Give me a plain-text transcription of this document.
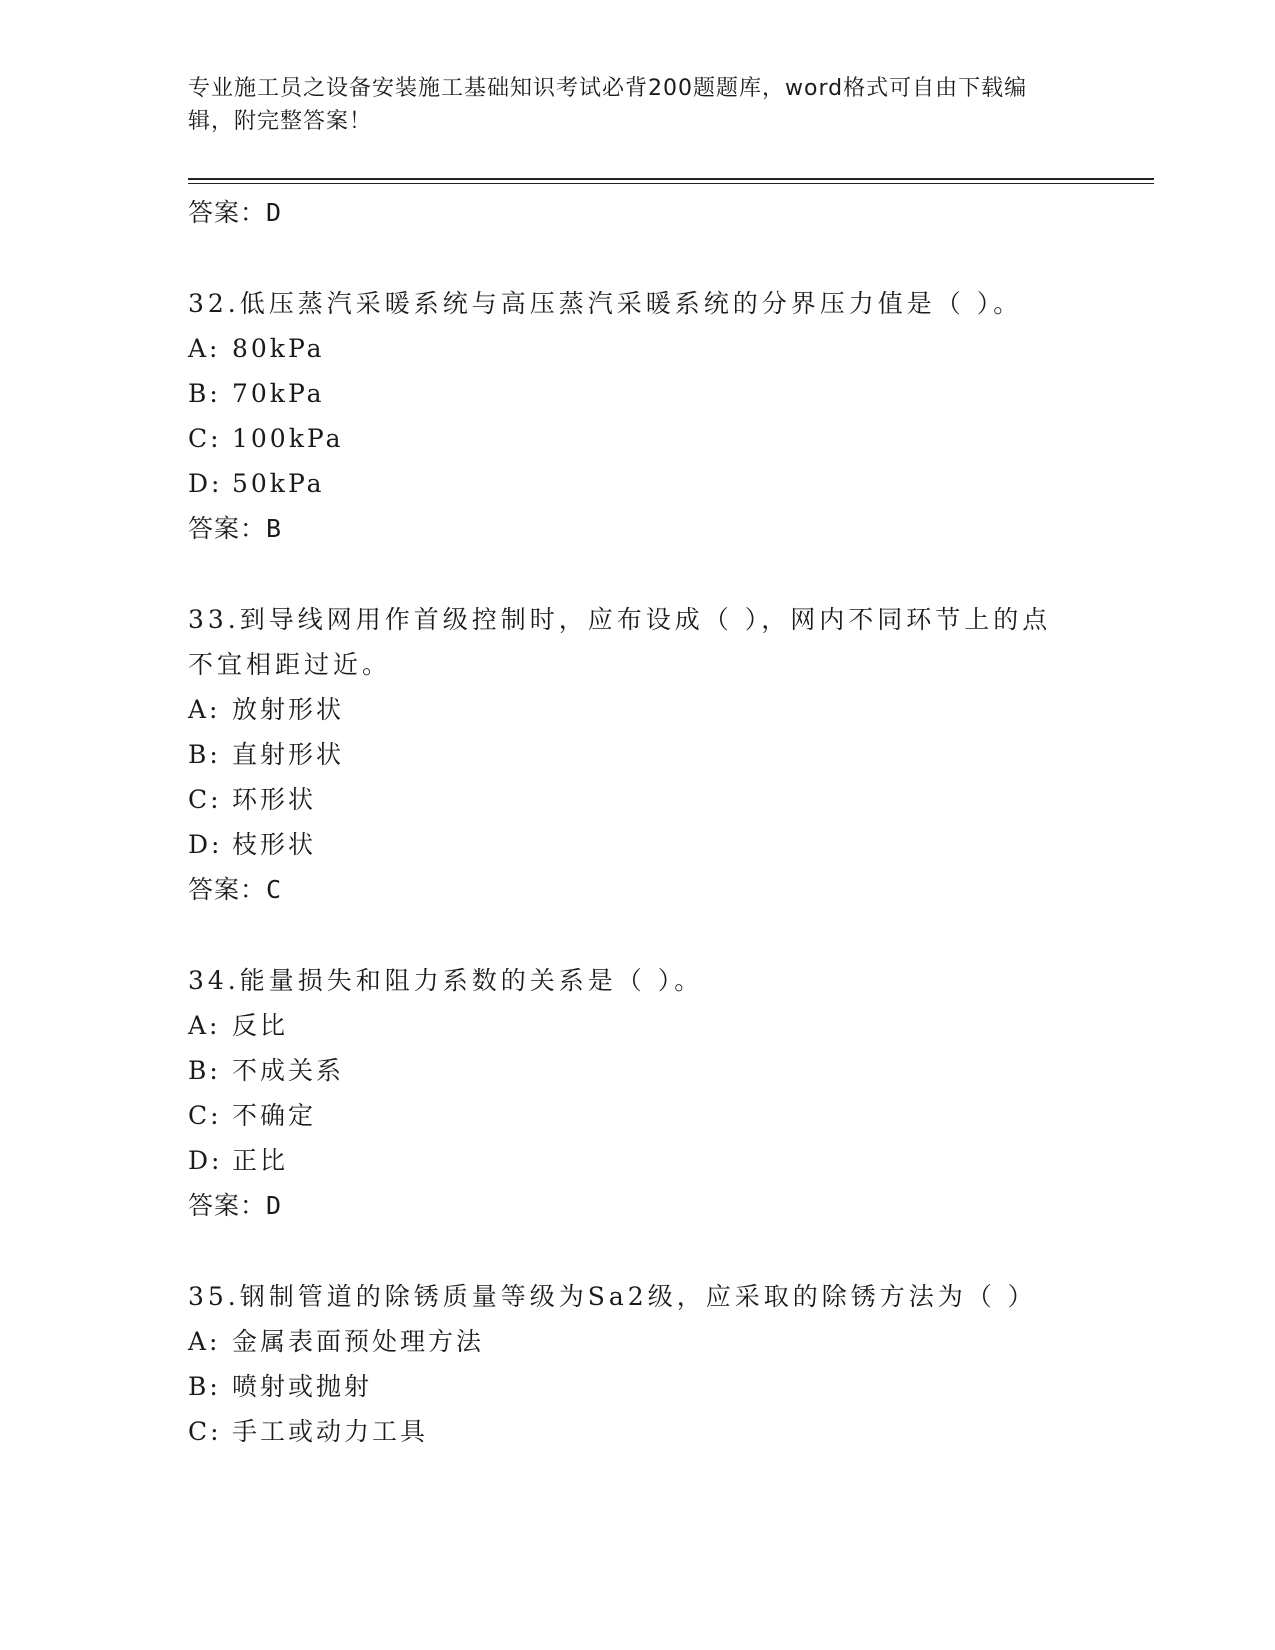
专业施工员之设备安装施工基础知识考试必背200题题库，word格式可自由下载编辑，附完整答案！
答案：D
32.低压蒸汽采暖系统与高压蒸汽采暖系统的分界压力值是（ ）。
A: 80kPa
B: 70kPa
C: 100kPa
D: 50kPa
答案：B
33.到导线网用作首级控制时，应布设成（ ），网内不同环节上的点不宜相距过近。
A: 放射形状
B: 直射形状
C: 环形状
D: 枝形状
答案：C
34.能量损失和阻力系数的关系是（ ）。
A: 反比
B: 不成关系
C: 不确定
D: 正比
答案：D
35.钢制管道的除锈质量等级为Sa2级，应采取的除锈方法为（ ）
A: 金属表面预处理方法
B: 喷射或抛射
C: 手工或动力工具
